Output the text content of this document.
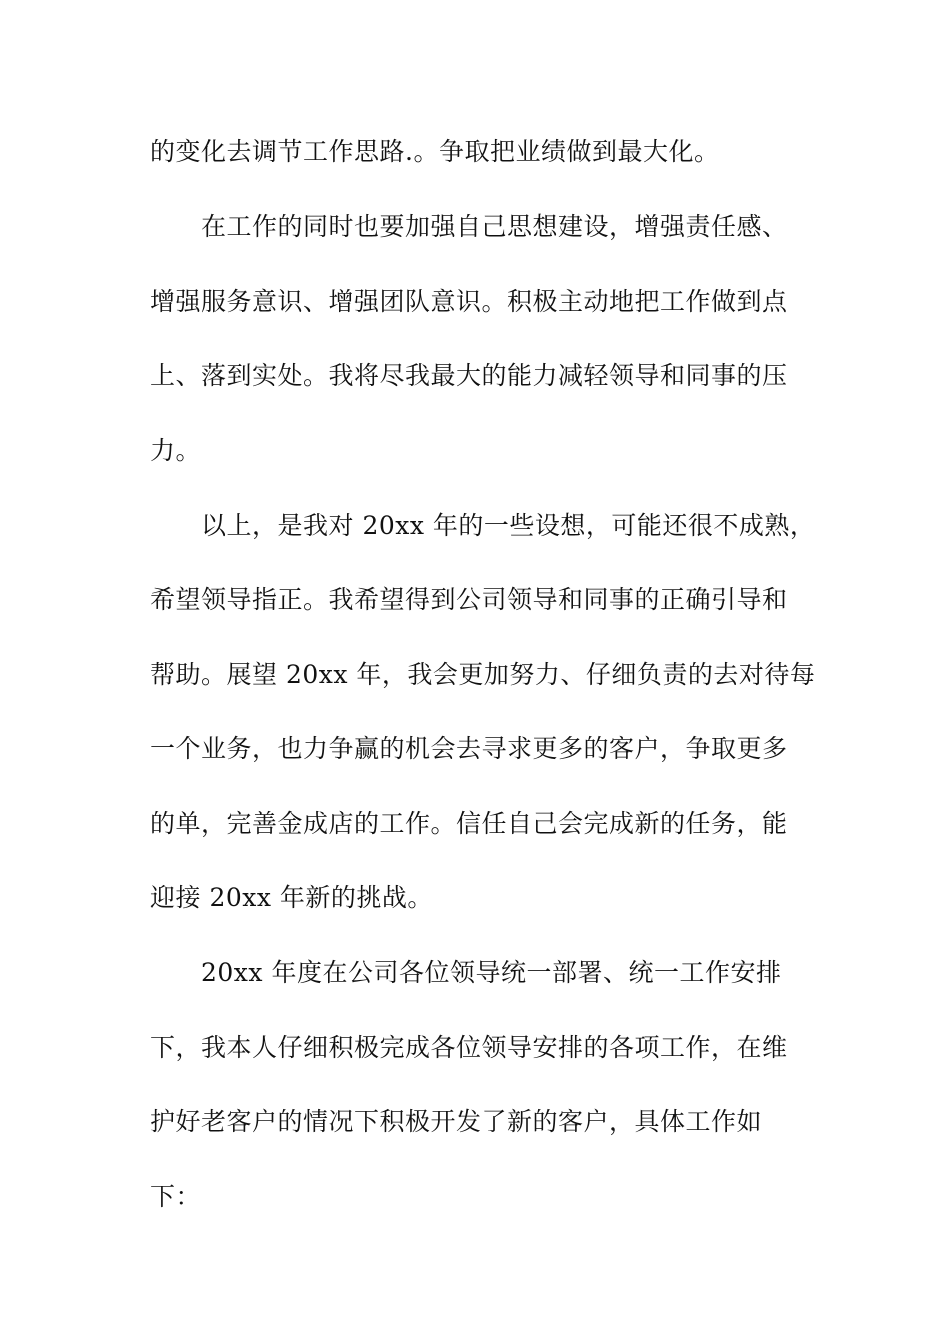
的变化去调节工作思路.。争取把业绩做到最大化。
在工作的同时也要加强自己思想建设，增强责任感、
增强服务意识、增强团队意识。积极主动地把工作做到点
上、落到实处。我将尽我最大的能力减轻领导和同事的压
力。
以上，是我对 20xx 年的一些设想，可能还很不成熟，
希望领导指正。我希望得到公司领导和同事的正确引导和
帮助。展望 20xx 年，我会更加努力、仔细负责的去对待每
一个业务，也力争赢的机会去寻求更多的客户，争取更多
的单，完善金成店的工作。信任自己会完成新的任务，能
迎接 20xx 年新的挑战。
20xx 年度在公司各位领导统一部署、统一工作安排
下，我本人仔细积极完成各位领导安排的各项工作，在维
护好老客户的情况下积极开发了新的客户，具体工作如
下：
